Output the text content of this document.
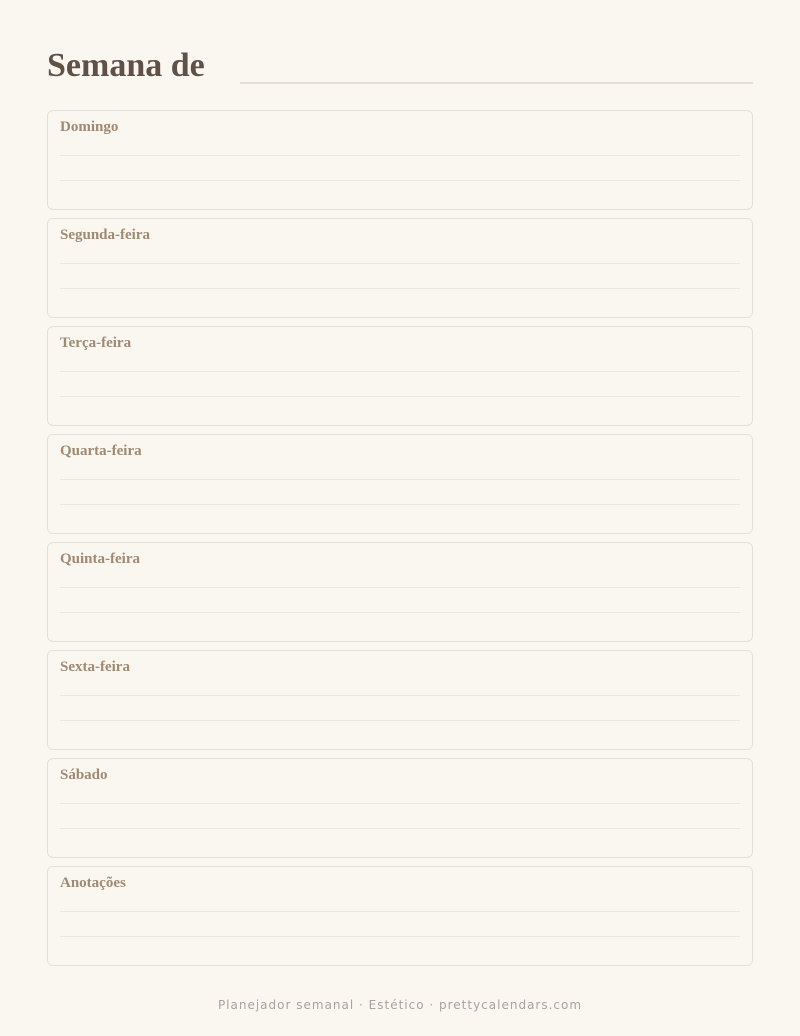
Semana de
Domingo
Segunda-feira
Terça-feira
Quarta-feira
Quinta-feira
Sexta-feira
Sábado
Anotações
Planejador semanal · Estético · prettycalendars.com
